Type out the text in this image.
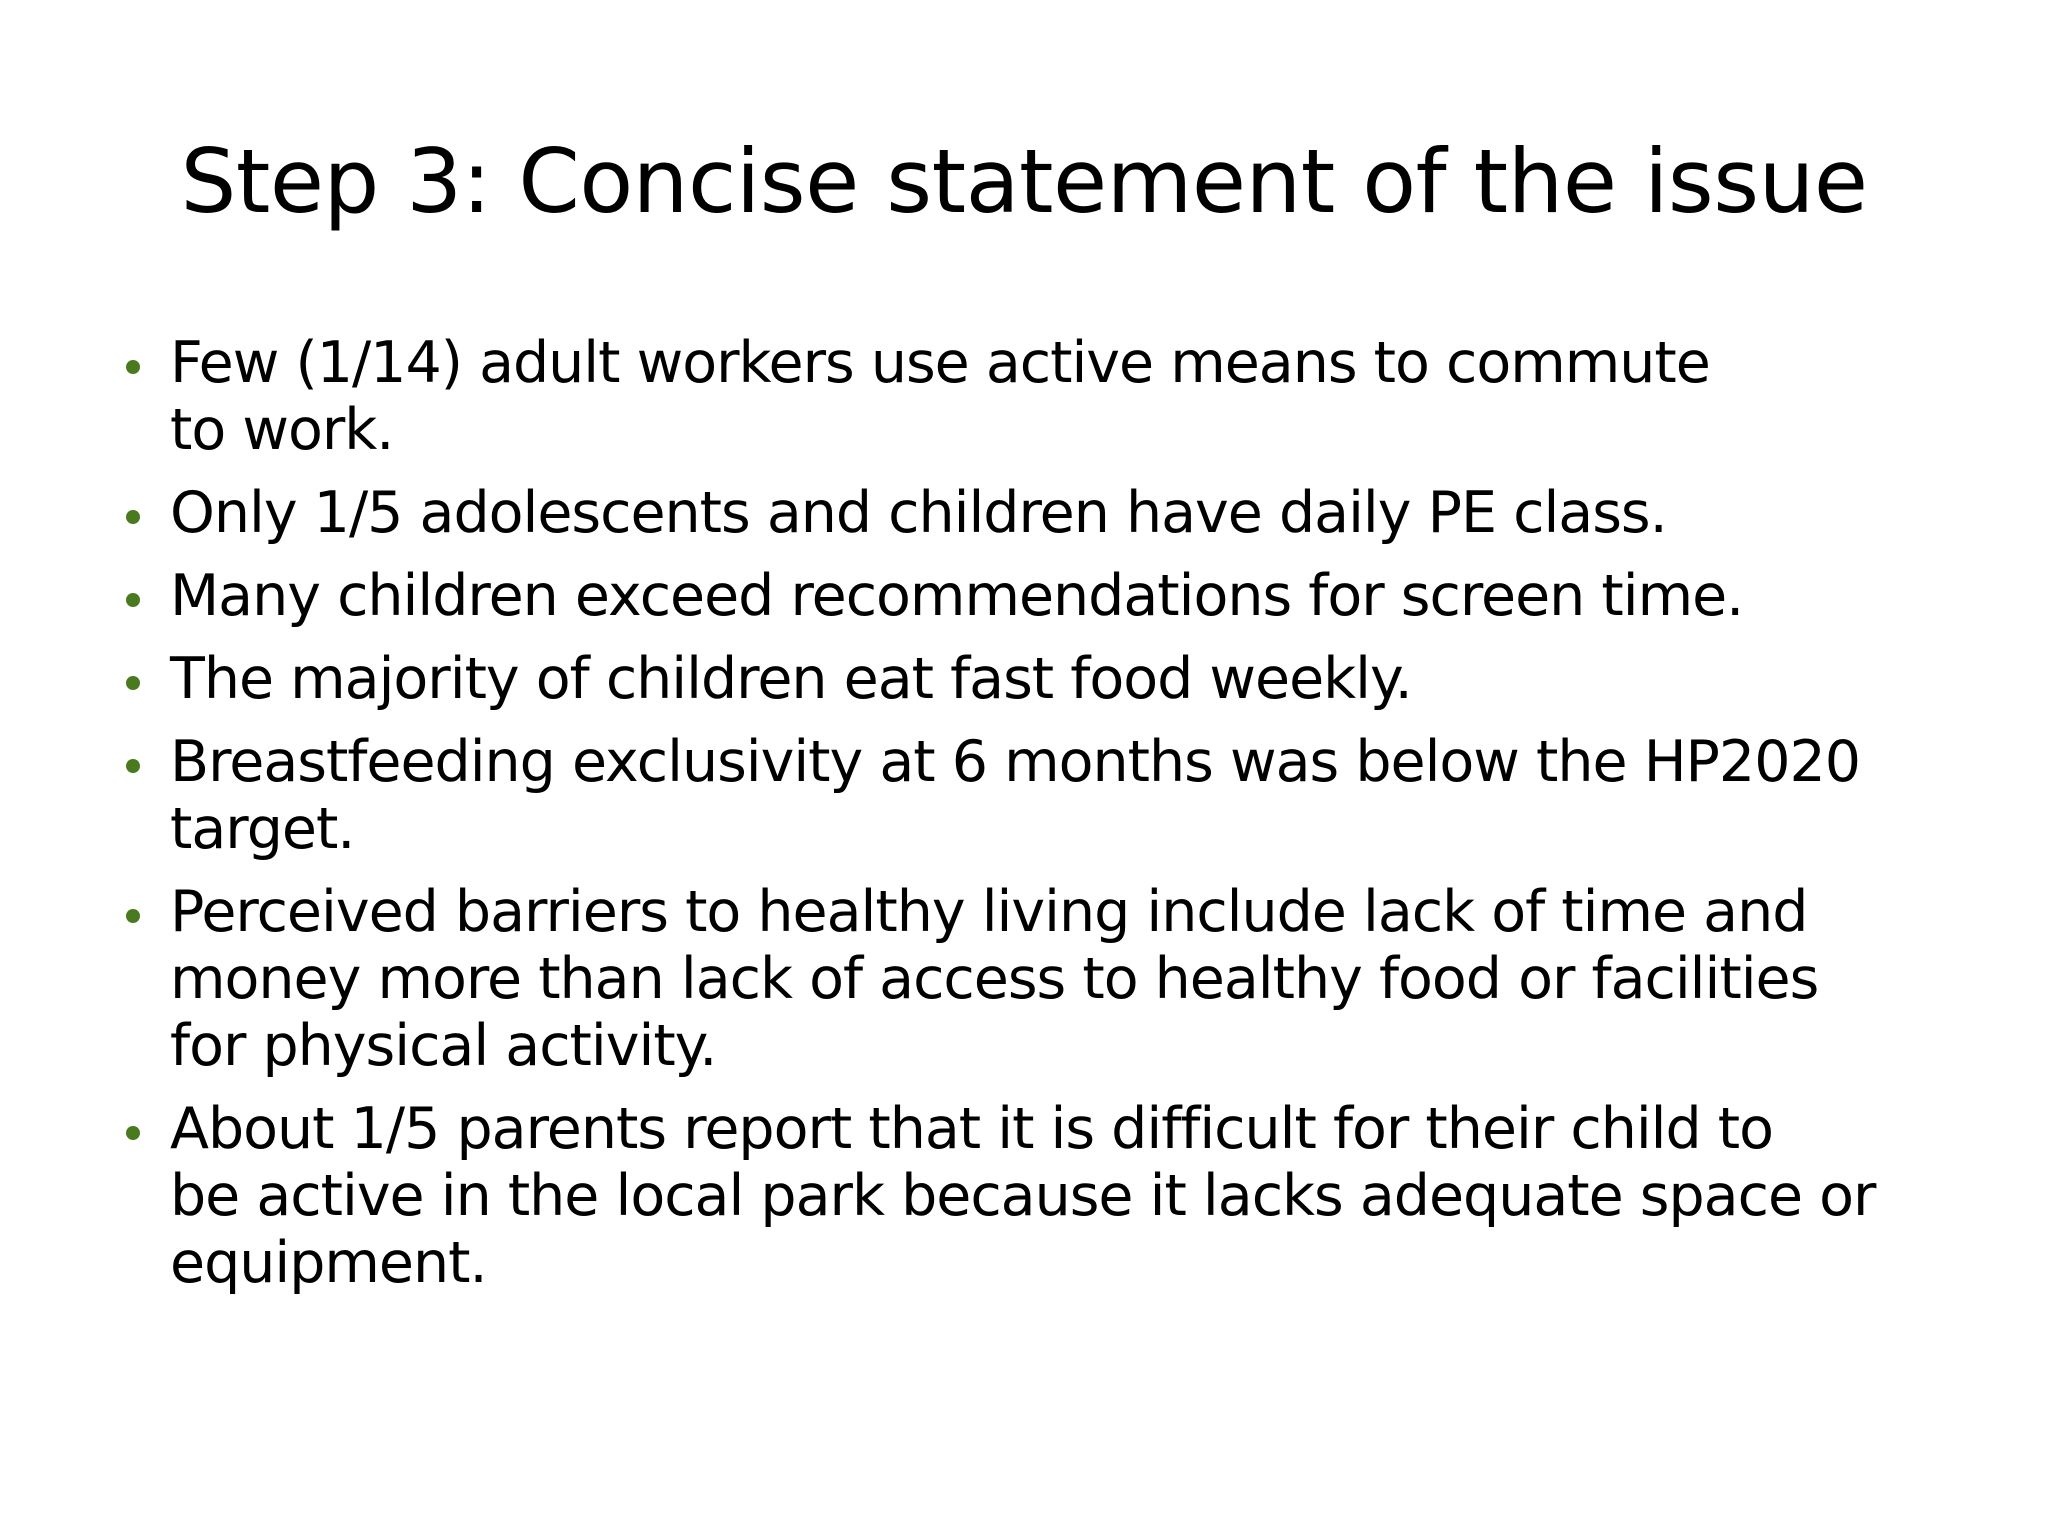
Step 3: Concise statement of the issue
Few (1/14) adult workers use active means to commute
to work.
Only 1/5 adolescents and children have daily PE class.
Many children exceed recommendations for screen time.
The majority of children eat fast food weekly.
Breastfeeding exclusivity at 6 months was below the HP2020
target.
Perceived barriers to healthy living include lack of time and
money more than lack of access to healthy food or facilities
for physical activity.
About 1/5 parents report that it is difficult for their child to
be active in the local park because it lacks adequate space or
equipment.
